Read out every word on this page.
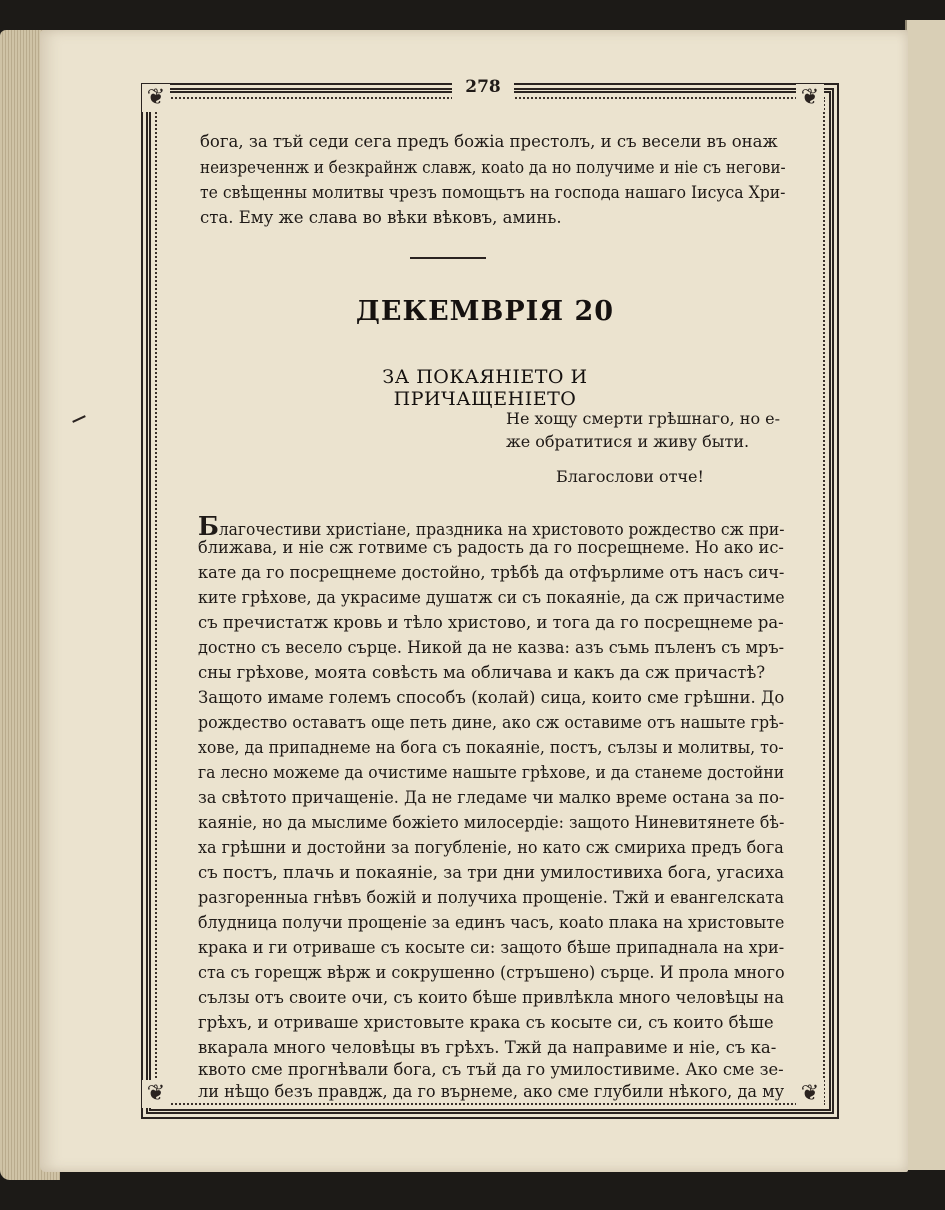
❦	❦
❦	❦
278
бога, за тъй седи сега предъ божіа престолъ, и съ весели въ онаж
неизреченнж и безкрайнж славж, коato да но получиме и ніе съ негови-
те свѣщенны молитвы чрезъ помощьтъ на господа нашаго Іисуса Хри-
ста. Ему же слава во вѣки вѣковъ, аминь.
ДЕКЕМВРІЯ 20
ЗА ПОКАЯНІЕТО И ПРИЧАЩЕНІЕТО
Не хощу смерти грѣшнаго, но е-
же обратитися и живу быти.
Благослови отче!
Благочестиви христіане, праздника на христовото рождество сж при-
ближава, и ніе сж готвиме съ радость да го посрещнеме. Но ако ис-
кате да го посрещнеме достойно, трѣбѣ да отфърлиме отъ насъ сич-
ките грѣхове, да украсиме душатж си съ покаяніе, да сж причастиме
съ пречистатж кровь и тѣло христово, и тога да го посрещнеме ра-
достно съ весело сърце. Никой да не казва: азъ съмь пъленъ съ мръ-
сны грѣхове, моята совѣсть ма обличава и какъ да сж причастѣ?
Защото имаме големъ способъ (колай) сица, които сме грѣшни. До
рождество оставатъ още петь дине, ако сж оставиме отъ нашыте грѣ-
хове, да припаднеме на бога съ покаяніе, постъ, сълзы и молитвы, то-
га лесно можеме да очистиме нашыте грѣхове, и да станеме достойни
за свѣтото причащеніе. Да не гледаме чи малко време остана за по-
каяніе, но да мыслиме божіето милосердіе: защото Ниневитянете бѣ-
ха грѣшни и достойни за погубленіе, но като сж смириха предъ бога
съ постъ, плачь и покаяніе, за три дни умилостивиха бога, угасиха
разгоренныа гнѣвъ божій и получиха прощеніе. Тжй и евангелската
блудница получи прощеніе за единъ часъ, коato плака на христовыте
крака и ги отриваше съ косыте си: защото бѣше припаднала на хри-
ста съ горещж вѣрж и сокрушенно (стръшено) сърце. И прола много
сълзы отъ своите очи, съ които бѣше привлѣкла много человѣцы на
грѣхъ, и отриваше христовыте крака съ косыте си, съ които бѣше
вкарала много человѣцы въ грѣхъ. Тжй да направиме и ніе, съ ка-
квото сме прогнѣвали бога, съ тъй да го умилостивиме. Ако сме зе-
ли нѣщо безъ правдж, да го върнеме, ако сме глубили нѣкого, да му
